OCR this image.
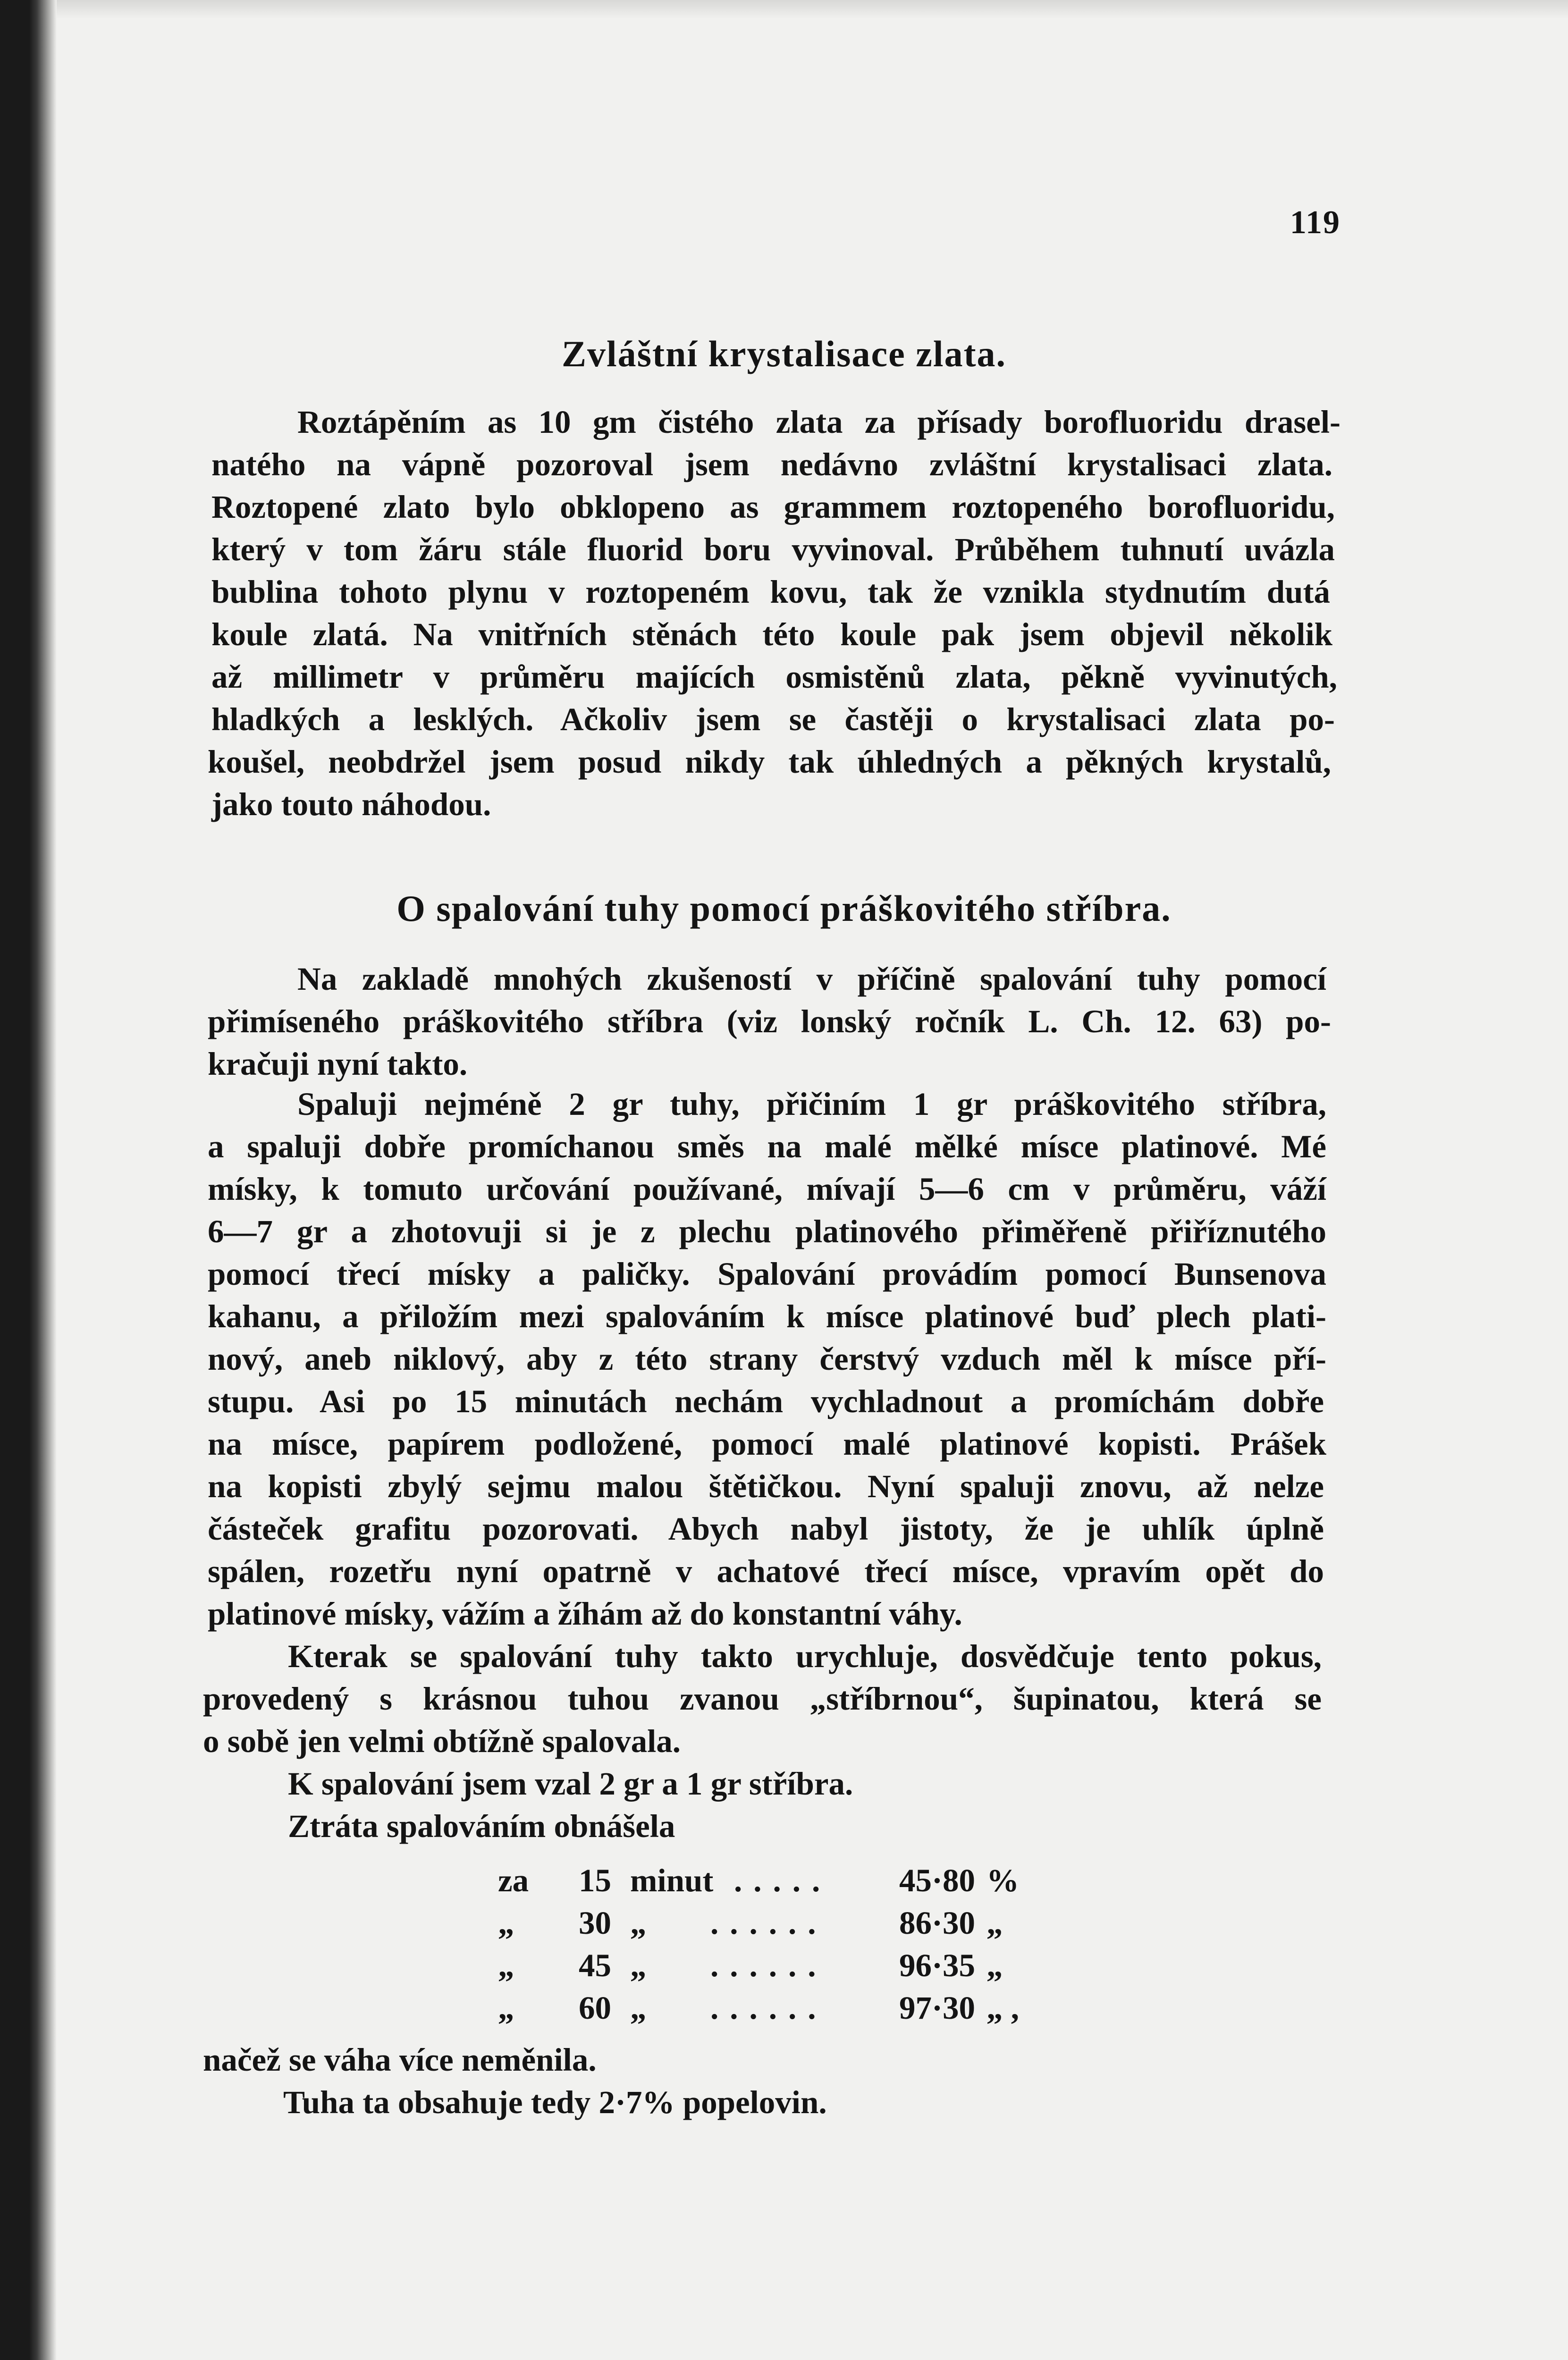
119
Zvláštní krystalisace zlata.
Roztápěním as 10 gm čistého zlata za přísady borofluoridu drasel-
natého na vápně pozoroval jsem nedávno zvláštní krystalisaci zlata.
Roztopené zlato bylo obklopeno as grammem roztopeného borofluoridu,
který v tom žáru stále fluorid boru vyvinoval. Průběhem tuhnutí uvázla
bublina tohoto plynu v roztopeném kovu, tak že vznikla stydnutím dutá
koule zlatá. Na vnitřních stěnách této koule pak jsem objevil několik
až millimetr v průměru majících osmistěnů zlata, pěkně vyvinutých,
hladkých a lesklých. Ačkoliv jsem se častěji o krystalisaci zlata po-
koušel, neobdržel jsem posud nikdy tak úhledných a pěkných krystalů,
jako touto náhodou.
O spalování tuhy pomocí práškovitého stříbra.
Na zakladě mnohých zkušeností v příčině spalování tuhy pomocí
přimíseného práškovitého stříbra (viz lonský ročník L. Ch. 12. 63) po-
kračuji nyní takto.
Spaluji nejméně 2 gr tuhy, přičiním 1 gr práškovitého stříbra,
a spaluji dobře promíchanou směs na malé mělké mísce platinové. Mé
mísky, k tomuto určování používané, mívají 5—6 cm v průměru, váží
6—7 gr a zhotovuji si je z plechu platinového přiměřeně přiříznutého
pomocí třecí mísky a paličky. Spalování provádím pomocí Bunsenova
kahanu, a přiložím mezi spalováním k mísce platinové buď plech plati-
nový, aneb niklový, aby z této strany čerstvý vzduch měl k mísce pří-
stupu. Asi po 15 minutách nechám vychladnout a promíchám dobře
na mísce, papírem podložené, pomocí malé platinové kopisti. Prášek
na kopisti zbylý sejmu malou štětičkou. Nyní spaluji znovu, až nelze
částeček grafitu pozorovati. Abych nabyl jistoty, že je uhlík úplně
spálen, rozetřu nyní opatrně v achatové třecí mísce, vpravím opět do
platinové mísky, vážím a žíhám až do konstantní váhy.
Kterak se spalování tuhy takto urychluje, dosvědčuje tento pokus,
provedený s krásnou tuhou zvanou „stříbrnou“, šupinatou, která se
o sobě jen velmi obtížně spalovala.
K spalování jsem vzal 2 gr a 1 gr stříbra.
Ztráta spalováním obnášela
za	15 minut ..... 45·80 %
„	30 „ ...... 86·30 „
„	45 „ ...... 96·35 „
„	60 „ ...... 97·30 „ ,
načež se váha více neměnila.
Tuha ta obsahuje tedy 2·7% popelovin.
